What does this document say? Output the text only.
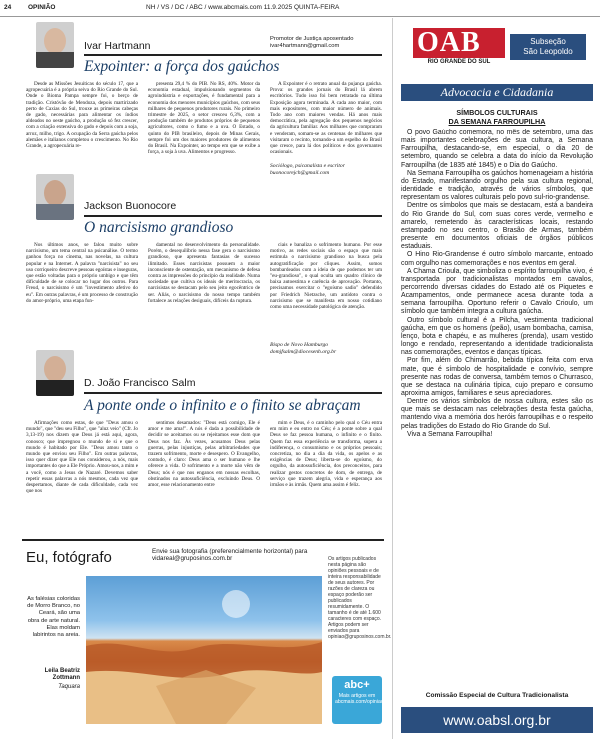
24	OPINIÃO	NH / VS / DC / ABC / www.abcmais.com 11.9.2025 QUINTA-FEIRA
Ivar Hartmann
Promotor de Justiça aposentado
ivar4hartmann@gmail.com
Expointer: a força dos gaúchos

Desde as Missões Jesuíticas do século 17, que a agropecuária é a própria seiva do Rio Grande do Sul. Onde o Bioma Pampa sempre foi, o berço de tradição. Cristóvão de Mendoza, depois martirizado perto de Caxias do Sul, trouxe as primeiras cabeças de gado, necessárias para alimentar os índios aldeados no oeste gaúcho, a produção só fez crescer, com a criação extensiva do gado e depois com a soja, arroz, milho, trigo. A ocupação da Serra gaúcha pelos alemães e italianos completou o crescimento. No Rio Grande, a agropecuária re-

presenta 29,4 % do PIB. No RS, 40%. Motor da economia estadual, impulsionando segmentos da agroindústria e exportações, é fundamental para a economia dos menores municípios gaúchos, com seus milhares de pequenos produtores rurais. No primeiro trimestre de 2025, o setor cresceu 6,3%, com a produção também de produtos próprios de pequenos agricultores, como o fumo e a uva. O Estado, o quinto do PIB brasileiro, depois de Minas Gerais, sempre foi um dos maiores produtores de alimentos do Brasil. Na Expointer, ao tempo em que se exibe a força, a soja à uva. Alimentos e progresso.

A Expointer é o retrato anual da pujança gaúcha. Prova: os grandes jornais do Brasil lá abrem escritórios. Tudo isso foi bem retratado na última Exposição agora terminada. A cada ano maior, com mais expositores, com maior número de animais. Todo ano com maiores vendas. Há anos mais democrática, pela agregação dos pequenos negócios da agricultura familiar. Aos milhares que compraram e venderam, somam-se as centenas de milhares que visitaram o recinto, tornando-a um espelho do Brasil que cresce, para lá dos políticos e dos governantes ocasionais.

Sociólogo, psicanalista e escritor
buonocorejch@gmail.com
Jackson Buonocore
O narcisismo grandioso

Nos últimos anos, se falou muito sobre narcisismo, um tema central na psicanálise. O termo ganhou força no cinema, nas novelas, na cultura popular e na Internet. A palavra "narcisista" no seu uso corriqueiro descreve pessoas egoístas e inseguras, que estão voltadas para o próprio umbigo e que têm dificuldade de se colocar no lugar dos outros. Para Freud, o narcisismo é um "investimento afetivo do eu". Em outras palavras, é um processo de construção do amor-próprio, uma etapa fun-

damental no desenvolvimento da personalidade. Porém, o desequilíbrio nessa fase gera o narcisismo grandioso, que apresenta fantasias de sucesso ilimitado. Esses narcisistas possuem a maior inconsciente de ostentação, um mecanismo de defesa contra as impressões do princípio da realidade. Numa sociedade que cultiva os ideais de meritocracia, os narcisistas se destacam pelo seu jeito egocêntrico de ser. Aliás, o narcisismo do nosso tempo também fortalece as relações desiguais, difíceis da ruptura.

ciais e banaliza o sofrimento humano. Por esse motivo, as redes sociais são o espaço que mais estimula o narcisismo grandioso na busca pela autogratificação por cliques. Assim, somos bombardeados com a ideia de que podemos ter um "eu-grandioso", o qual oculta um quadro clínico de baixa autoestima e carência de aprovação. Portanto, precisamos exercitar o "egoísmo sadio" defendido por Friedrich Nietzsche, um antídoto contra o narcisismo que se manifesta em nosso cotidiano como uma necessidade patológica de atenção.

Bispo de Novo Hamburgo
domjfsalm@diocesenh.org.br
D. João Francisco Salm
A ponte onde o infinito e o finito se abraçam

Afirmações como estas, de que "Deus amou o mundo", que "deu seu Filho", que "aluz veio" (Cfr. Jo 3,13-19) nos dizem que Deus já está aqui, agora, conosco; que impregnou o mundo de si e que o mundo é habitado por Ele. "Deus amou tanto o mundo que enviou seu Filho". Em outras palavras, isso quer dizer que Ele nos considerou, a nós, mais importantes do que a Ele Próprio. Amou-nos, a mim e a você, como a Jesus de Nazaré. Devemos saber repetir essas palavras a nós mesmos, cada vez que despertamos, diante de cada dificuldade, cada vez que nos

sentimos desamados: "Deus está comigo, Ele é amor e me ama!". A nós é dada a possibilidade de decidir se aceitamos ou se rejeitamos esse dom que Deus nos faz. Às vezes, acusamos Deus pelas guerras, pelas injustiças, pelas arbitrariedades que trazem sofrimento, morte e desespero. O Evangelho, contudo, é claro: Deus ama o ser humano e lhe oferece a vida. O sofrimento e a morte não vêm de Deus; nós é que nos enganos em nossas escolhas, obstinados na autossuficiência, excluindo Deus. O amor, esse relacionamento entre

mim e Deus, é o caminho pelo qual o Céu entra em mim e eu entro no Céu; é a ponte sobre a qual Deus se faz pessoa humana, o infinito e o finito. Quem faz essa experiência se transforma, supera a indiferença, o consumismo e os próprios pessoais; concretiza, no dia a dia da vida, os apelos e as exigências de Deus; liberta-se do egoísmo, do orgulho, da autossuficiência, dos preconceitos, para realizar gestos concretos de dom, de entrega, de serviço que trazem alegria, vida e esperança aos irmãos e às irmãs. Quem ama assim é feliz.

Eu, fotógrafo	Envie sua fotografia (preferencialmente horizontal) para vidareal@gruposinos.com.br
As falésias coloridas de Morro Branco, no Ceará, são uma obra de arte natural. Elas moldam labirintos na areia.
Leila Beatriz Zottmann
Taquara
Os artigos publicados nesta página são opiniões pessoais e de inteira responsabilidade de seus autores. Por razões de clareza ou espaço poderão ser publicados resumidamente. O tamanho é de até 1.600 caracteres com espaço. Artigos podem ser enviados para opiniao@gruposinos.com.br.
abc+
Mais artigos em abcmais.com/opiniao
OAB
RIO GRANDE DO SUL
Subseção
São Leopoldo
Advocacia e Cidadania
SÍMBOLOS CULTURAIS
DA SEMANA FARROUPILHA

O povo Gaúcho comemora, no mês de setembro, uma das mais importantes celebrações de sua cultura, a Semana Farroupilha, destacando-se, em especial, o dia 20 de setembro, quando se celebra a data do início da Revolução Farroupilha (de 1835 até 1845) e o Dia do Gaúcho.

Na Semana Farroupilha os gaúchos homenageiam a história do Estado, manifestando orgulho pela sua cultura regional, identidade e tradição, através de vários símbolos, que representam os valores culturais pelo povo sul-rio-grandense.

Dentre os símbolos que mais se destacam, está a bandeira do Rio Grande do Sul, com suas cores verde, vermelho e amarelo, remetendo às características locais, restando estampado no seu centro, o Brasão de Armas, também presente em documentos oficiais de órgãos públicos estaduais.

O Hino Rio-Grandense é outro símbolo marcante, entoado com orgulho nas comemorações e nos eventos em geral.

A Chama Crioula, que simboliza o espírito farroupilha vivo, é transportada por tradicionalistas montados em cavalos, percorrendo diversas cidades do Estado até os Piquetes e Acampamentos, onde permanece acesa durante toda a semana farroupilha. Oportuno referir o Cavalo Crioulo, um símbolo que também integra a cultura gaúcha.

Outro símbolo cultural é a Pilcha, vestimenta tradicional gaúcha, em que os homens (peão), usam bombacha, camisa, lenço, bota e chapéu, e as mulheres (prenda), usam vestido longo e rendado, representando a identidade tradicionalista nas comemorações, eventos e danças típicas.

Por fim, além do Chimarrão, bebida típica feita com erva mate, que é símbolo de hospitalidade e convívio, sempre presente nas rodas de conversa, também temos o Churrasco, que se destaca na culinária típica, cujo preparo e consumo aproxima amigos, familiares e seus apreciadores.

Dentre os vários símbolos de nossa cultura, estes são os que mais se destacam nas celebrações desta festa gaúcha, mantendo viva a memória dos heróis farroupilhas e o respeito pelas tradições do Estado do Rio Grande do Sul.

Viva a Semana Farroupilha!

Comissão Especial de Cultura Tradicionalista
www.oabsl.org.br
